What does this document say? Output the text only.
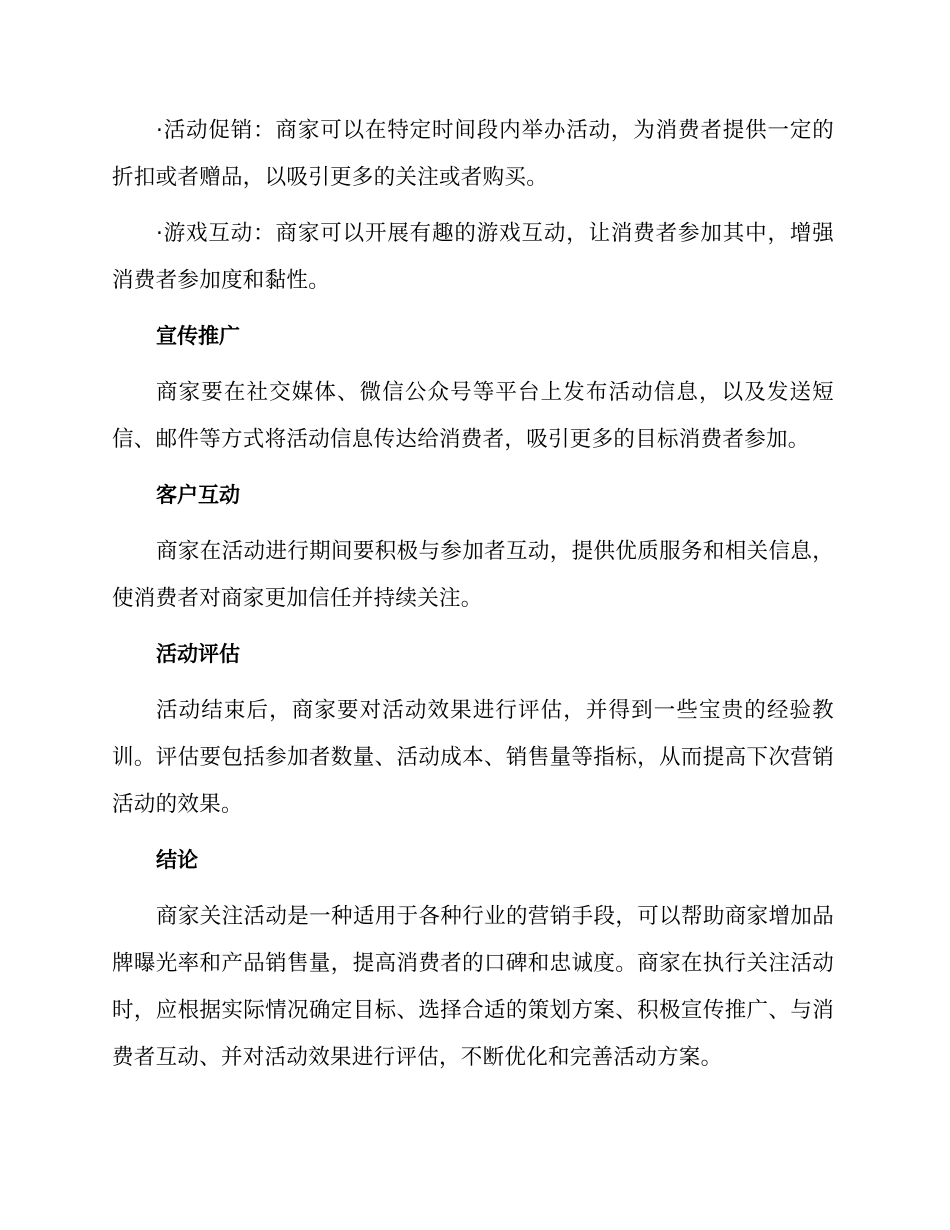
·活动促销：商家可以在特定时间段内举办活动，为消费者提供一定的折扣或者赠品，以吸引更多的关注或者购买。

·游戏互动：商家可以开展有趣的游戏互动，让消费者参加其中，增强消费者参加度和黏性。

宣传推广

商家要在社交媒体、微信公众号等平台上发布活动信息，以及发送短信、邮件等方式将活动信息传达给消费者，吸引更多的目标消费者参加。

客户互动

商家在活动进行期间要积极与参加者互动，提供优质服务和相关信息，使消费者对商家更加信任并持续关注。

活动评估

活动结束后，商家要对活动效果进行评估，并得到一些宝贵的经验教训。评估要包括参加者数量、活动成本、销售量等指标，从而提高下次营销活动的效果。

结论

商家关注活动是一种适用于各种行业的营销手段，可以帮助商家增加品牌曝光率和产品销售量，提高消费者的口碑和忠诚度。商家在执行关注活动时，应根据实际情况确定目标、选择合适的策划方案、积极宣传推广、与消费者互动、并对活动效果进行评估，不断优化和完善活动方案。
